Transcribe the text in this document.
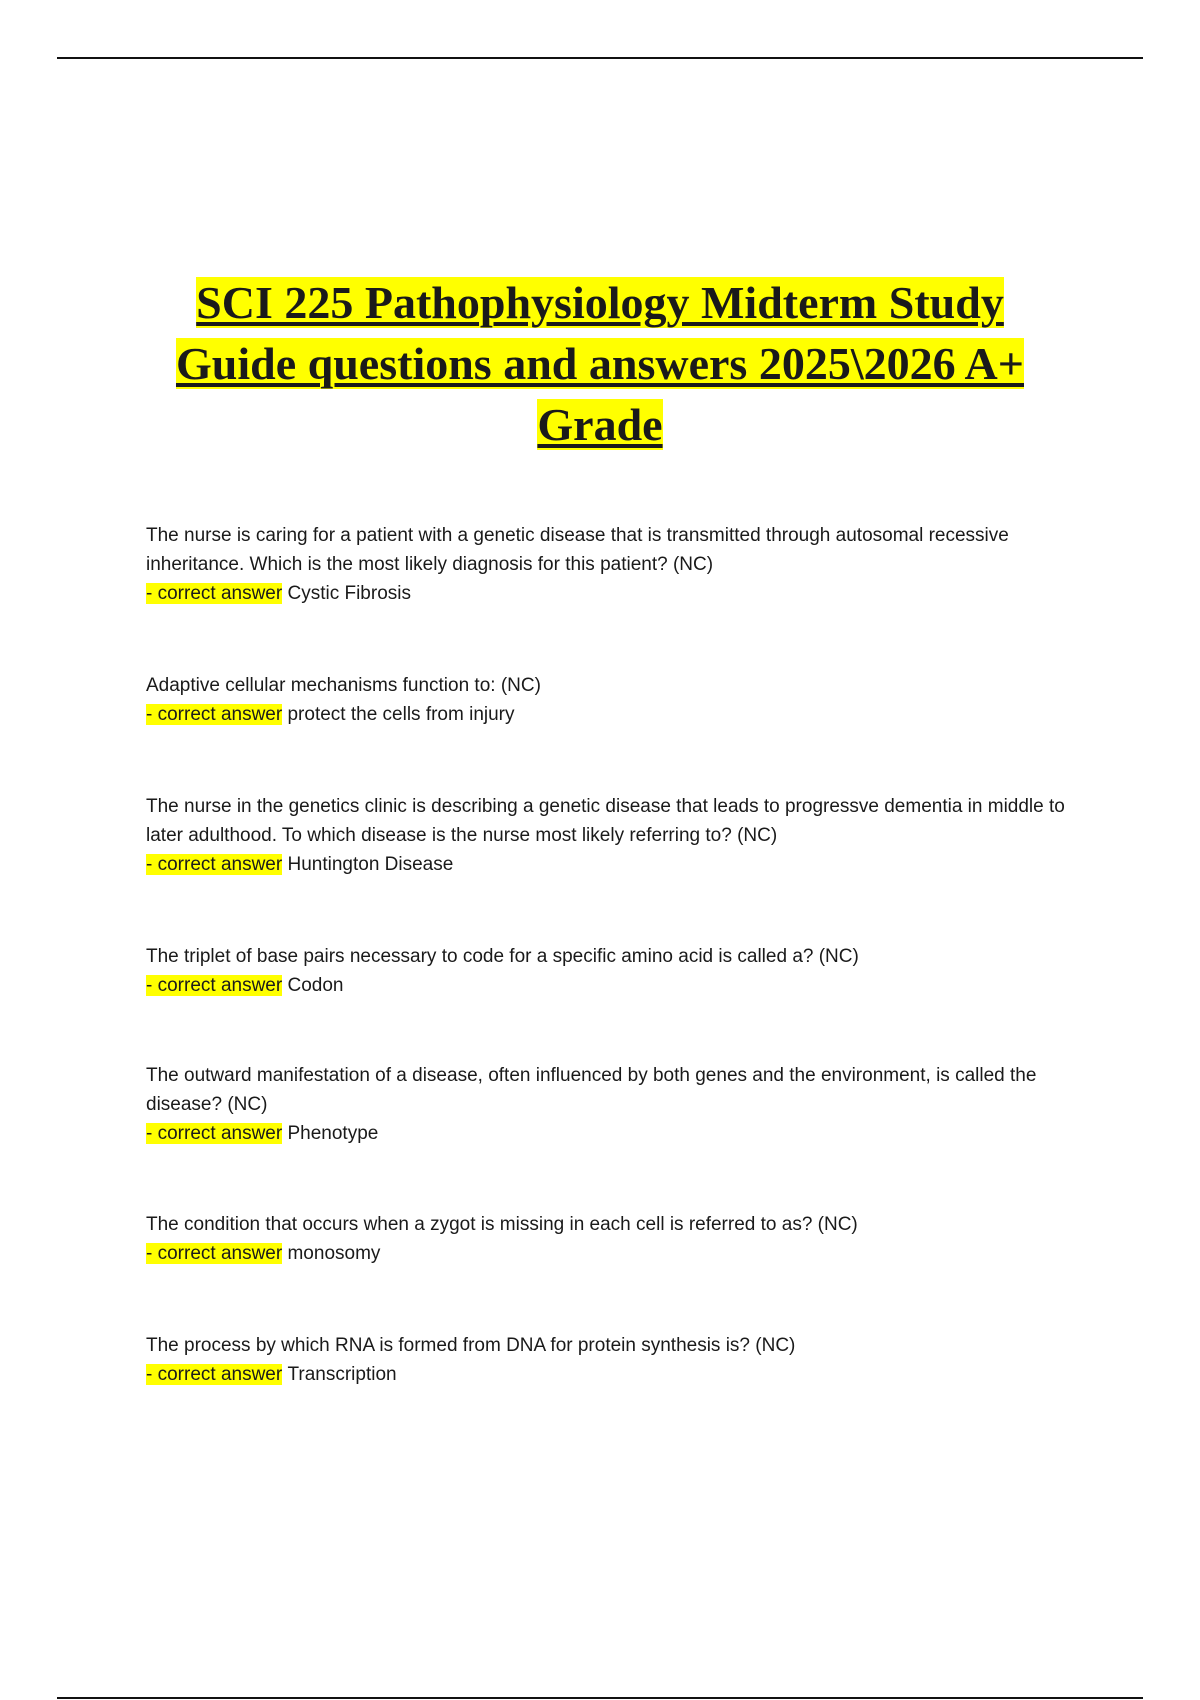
SCI 225 Pathophysiology Midterm Study
Guide questions and answers 2025\2026 A+
Grade
The nurse is caring for a patient with a genetic disease that is transmitted through autosomal recessive inheritance. Which is the most likely diagnosis for this patient? (NC)
- correct answer Cystic Fibrosis
Adaptive cellular mechanisms function to: (NC)
- correct answer protect the cells from injury
The nurse in the genetics clinic is describing a genetic disease that leads to progressve dementia in middle to later adulthood. To which disease is the nurse most likely referring to? (NC)
- correct answer Huntington Disease
The triplet of base pairs necessary to code for a specific amino acid is called a? (NC)
- correct answer Codon
The outward manifestation of a disease, often influenced by both genes and the environment, is called the disease? (NC)
- correct answer Phenotype
The condition that occurs when a zygot is missing in each cell is referred to as? (NC)
- correct answer monosomy
The process by which RNA is formed from DNA for protein synthesis is? (NC)
- correct answer Transcription
